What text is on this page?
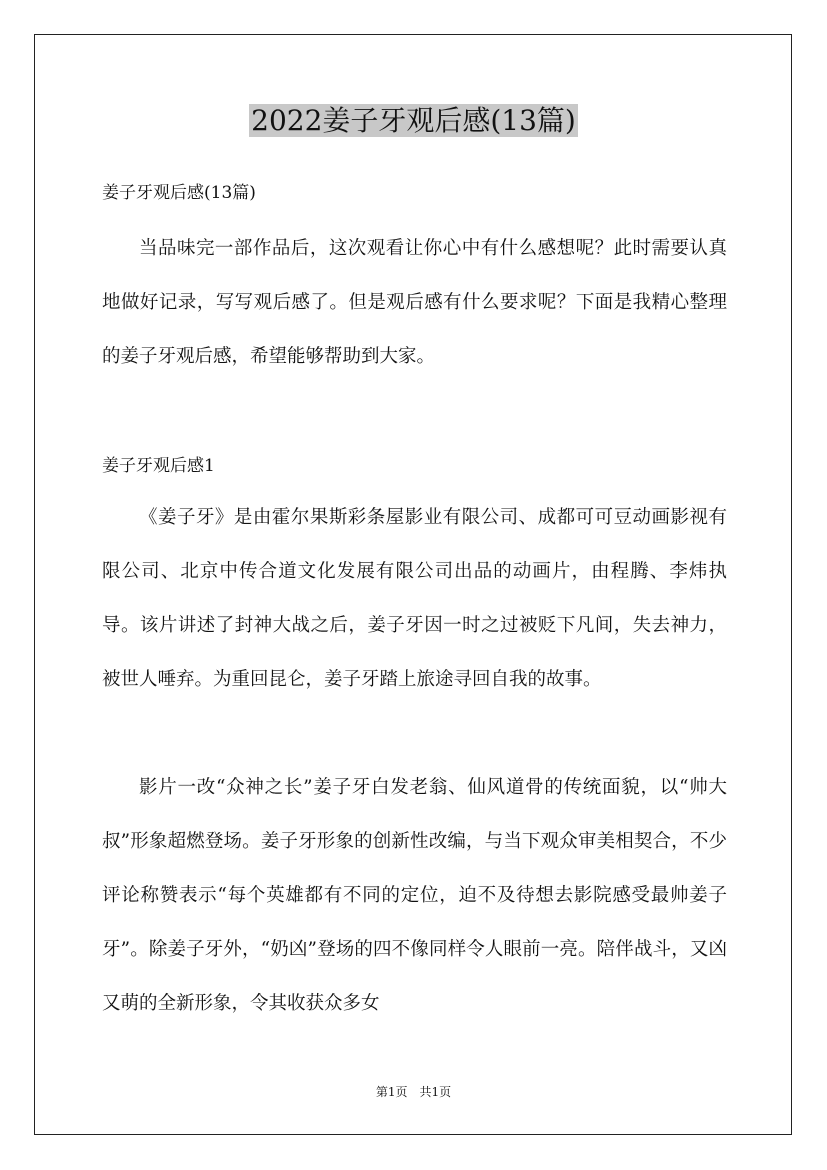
2022姜子牙观后感(13篇)
姜子牙观后感(13篇)

当品味完一部作品后，这次观看让你心中有什么感想呢？此时需要认真地做好记录，写写观后感了。但是观后感有什么要求呢？下面是我精心整理的姜子牙观后感，希望能够帮助到大家。

姜子牙观后感1

《姜子牙》是由霍尔果斯彩条屋影业有限公司、成都可可豆动画影视有限公司、北京中传合道文化发展有限公司出品的动画片，由程腾、李炜执导。该片讲述了封神大战之后，姜子牙因一时之过被贬下凡间，失去神力，被世人唾弃。为重回昆仑，姜子牙踏上旅途寻回自我的故事。

影片一改“众神之长”姜子牙白发老翁、仙风道骨的传统面貌，以“帅大叔”形象超燃登场。姜子牙形象的创新性改编，与当下观众审美相契合，不少评论称赞表示“每个英雄都有不同的定位，迫不及待想去影院感受最帅姜子牙”。除姜子牙外，“奶凶”登场的四不像同样令人眼前一亮。陪伴战斗，又凶又萌的全新形象，令其收获众多女

第1页　共1页
